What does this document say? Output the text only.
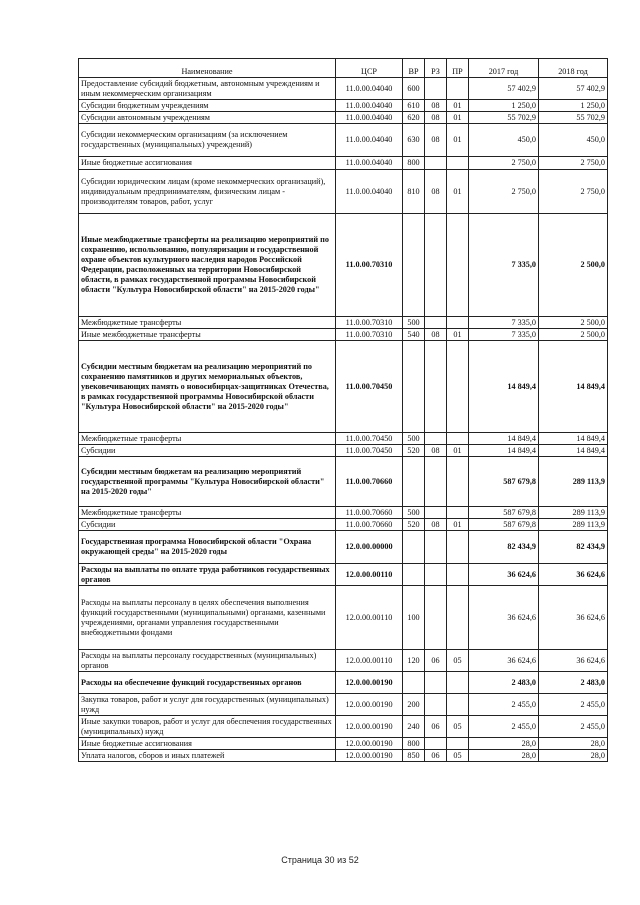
Наименование	ЦСР	ВР	РЗ	ПР	2017 год	2018 год
Предоставление субсидий бюджетным, автономным учреждениям и иным некоммерческим организациям	11.0.00.04040	600			57 402,9	57 402,9
Субсидии бюджетным учреждениям	11.0.00.04040	610	08	01	1 250,0	1 250,0
Субсидии автономным учреждениям	11.0.00.04040	620	08	01	55 702,9	55 702,9
Субсидии некоммерческим организациям (за исключением государственных (муниципальных) учреждений)	11.0.00.04040	630	08	01	450,0	450,0
Иные бюджетные ассигнования	11.0.00.04040	800			2 750,0	2 750,0
Субсидии юридическим лицам (кроме некоммерческих организаций), индивидуальным предпринимателям, физическим лицам - производителям товаров, работ, услуг	11.0.00.04040	810	08	01	2 750,0	2 750,0
Иные межбюджетные трансферты на реализацию мероприятий по сохранению, использованию, популяризации и государственной охране объектов культурного наследия народов Российской Федерации, расположенных на территории Новосибирской области, в рамках государственной программы Новосибирской области "Культура Новосибирской области" на 2015-2020 годы"	11.0.00.70310				7 335,0	2 500,0
Межбюджетные трансферты	11.0.00.70310	500			7 335,0	2 500,0
Иные межбюджетные трансферты	11.0.00.70310	540	08	01	7 335,0	2 500,0
Субсидии местным бюджетам на реализацию мероприятий по сохранению памятников и других мемориальных объектов, увековечивающих память о новосибирцах-защитниках Отечества, в рамках государственной программы Новосибирской области "Культура Новосибирской области" на 2015-2020 годы"	11.0.00.70450				14 849,4	14 849,4
Межбюджетные трансферты	11.0.00.70450	500			14 849,4	14 849,4
Субсидии	11.0.00.70450	520	08	01	14 849,4	14 849,4
Субсидии местным бюджетам на реализацию мероприятий государственной программы "Культура Новосибирской области" на 2015-2020 годы"	11.0.00.70660				587 679,8	289 113,9
Межбюджетные трансферты	11.0.00.70660	500			587 679,8	289 113,9
Субсидии	11.0.00.70660	520	08	01	587 679,8	289 113,9
Государственная программа Новосибирской области "Охрана окружающей среды" на 2015-2020 годы	12.0.00.00000				82 434,9	82 434,9
Расходы на выплаты по оплате труда работников государственных органов	12.0.00.00110				36 624,6	36 624,6
Расходы на выплаты персоналу в целях обеспечения выполнения функций государственными (муниципальными) органами, казенными учреждениями, органами управления государственными внебюджетными фондами	12.0.00.00110	100			36 624,6	36 624,6
Расходы на выплаты персоналу государственных (муниципальных) органов	12.0.00.00110	120	06	05	36 624,6	36 624,6
Расходы на обеспечение функций государственных органов	12.0.00.00190				2 483,0	2 483,0
Закупка товаров, работ и услуг для государственных (муниципальных) нужд	12.0.00.00190	200			2 455,0	2 455,0
Иные закупки товаров, работ и услуг для обеспечения государственных (муниципальных) нужд	12.0.00.00190	240	06	05	2 455,0	2 455,0
Иные бюджетные ассигнования	12.0.00.00190	800			28,0	28,0
Уплата налогов, сборов и иных платежей	12.0.00.00190	850	06	05	28,0	28,0
Страница 30 из 52
